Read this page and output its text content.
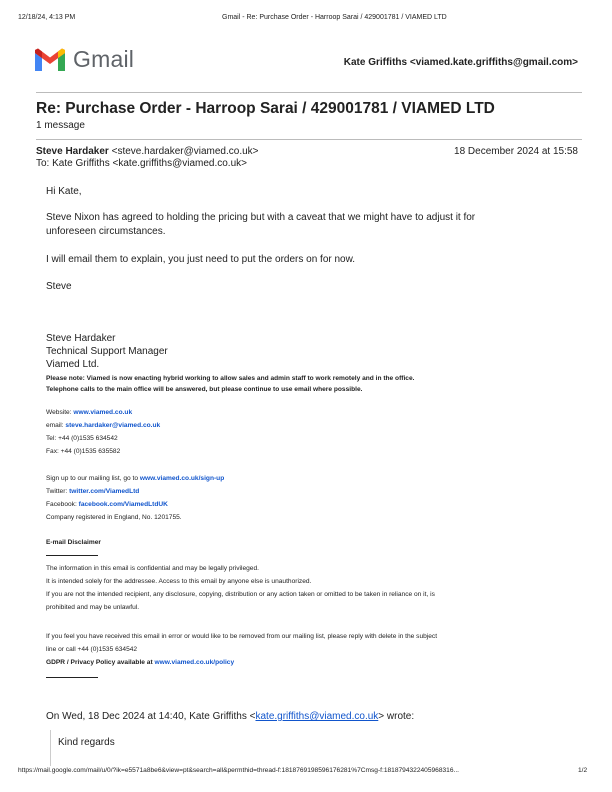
12/18/24, 4:13 PM	Gmail - Re: Purchase Order - Harroop Sarai / 429001781 / VIAMED LTD
Gmail	Kate Griffiths <viamed.kate.griffiths@gmail.com>
Re: Purchase Order - Harroop Sarai / 429001781 / VIAMED LTD
1 message
Steve Hardaker <steve.hardaker@viamed.co.uk>	18 December 2024 at 15:58
To: Kate Griffiths <kate.griffiths@viamed.co.uk>
Hi Kate,
Steve Nixon has agreed to holding the pricing but with a caveat that we might have to adjust it for
unforeseen circumstances.
I will email them to explain, you just need to put the orders on for now.
Steve
Steve Hardaker
Technical Support Manager
Viamed Ltd.
Please note: Viamed is now enacting hybrid working to allow sales and admin staff to work remotely and in the office.
Telephone calls to the main office will be answered, but please continue to use email where possible.
Website: www.viamed.co.uk
email: steve.hardaker@viamed.co.uk
Tel: +44 (0)1535 634542
Fax: +44 (0)1535 635582
Sign up to our mailing list, go to www.viamed.co.uk/sign-up
Twitter: twitter.com/ViamedLtd
Facebook: facebook.com/ViamedLtdUK
Company registered in England, No. 1201755.
E-mail Disclaimer
The information in this email is confidential and may be legally privileged.
It is intended solely for the addressee. Access to this email by anyone else is unauthorized.
If you are not the intended recipient, any disclosure, copying, distribution or any action taken or omitted to be taken in reliance on it, is
prohibited and may be unlawful.
If you feel you have received this email in error or would like to be removed from our mailing list, please reply with delete in the subject
line or call +44 (0)1535 634542
GDPR / Privacy Policy available at www.viamed.co.uk/policy
On Wed, 18 Dec 2024 at 14:40, Kate Griffiths <kate.griffiths@viamed.co.uk> wrote:
Kind regards
https://mail.google.com/mail/u/0/?ik=e5571a8be6&view=pt&search=all&permthid=thread-f:1818769198596176281%7Cmsg-f:1818794322405968316...	1/2
